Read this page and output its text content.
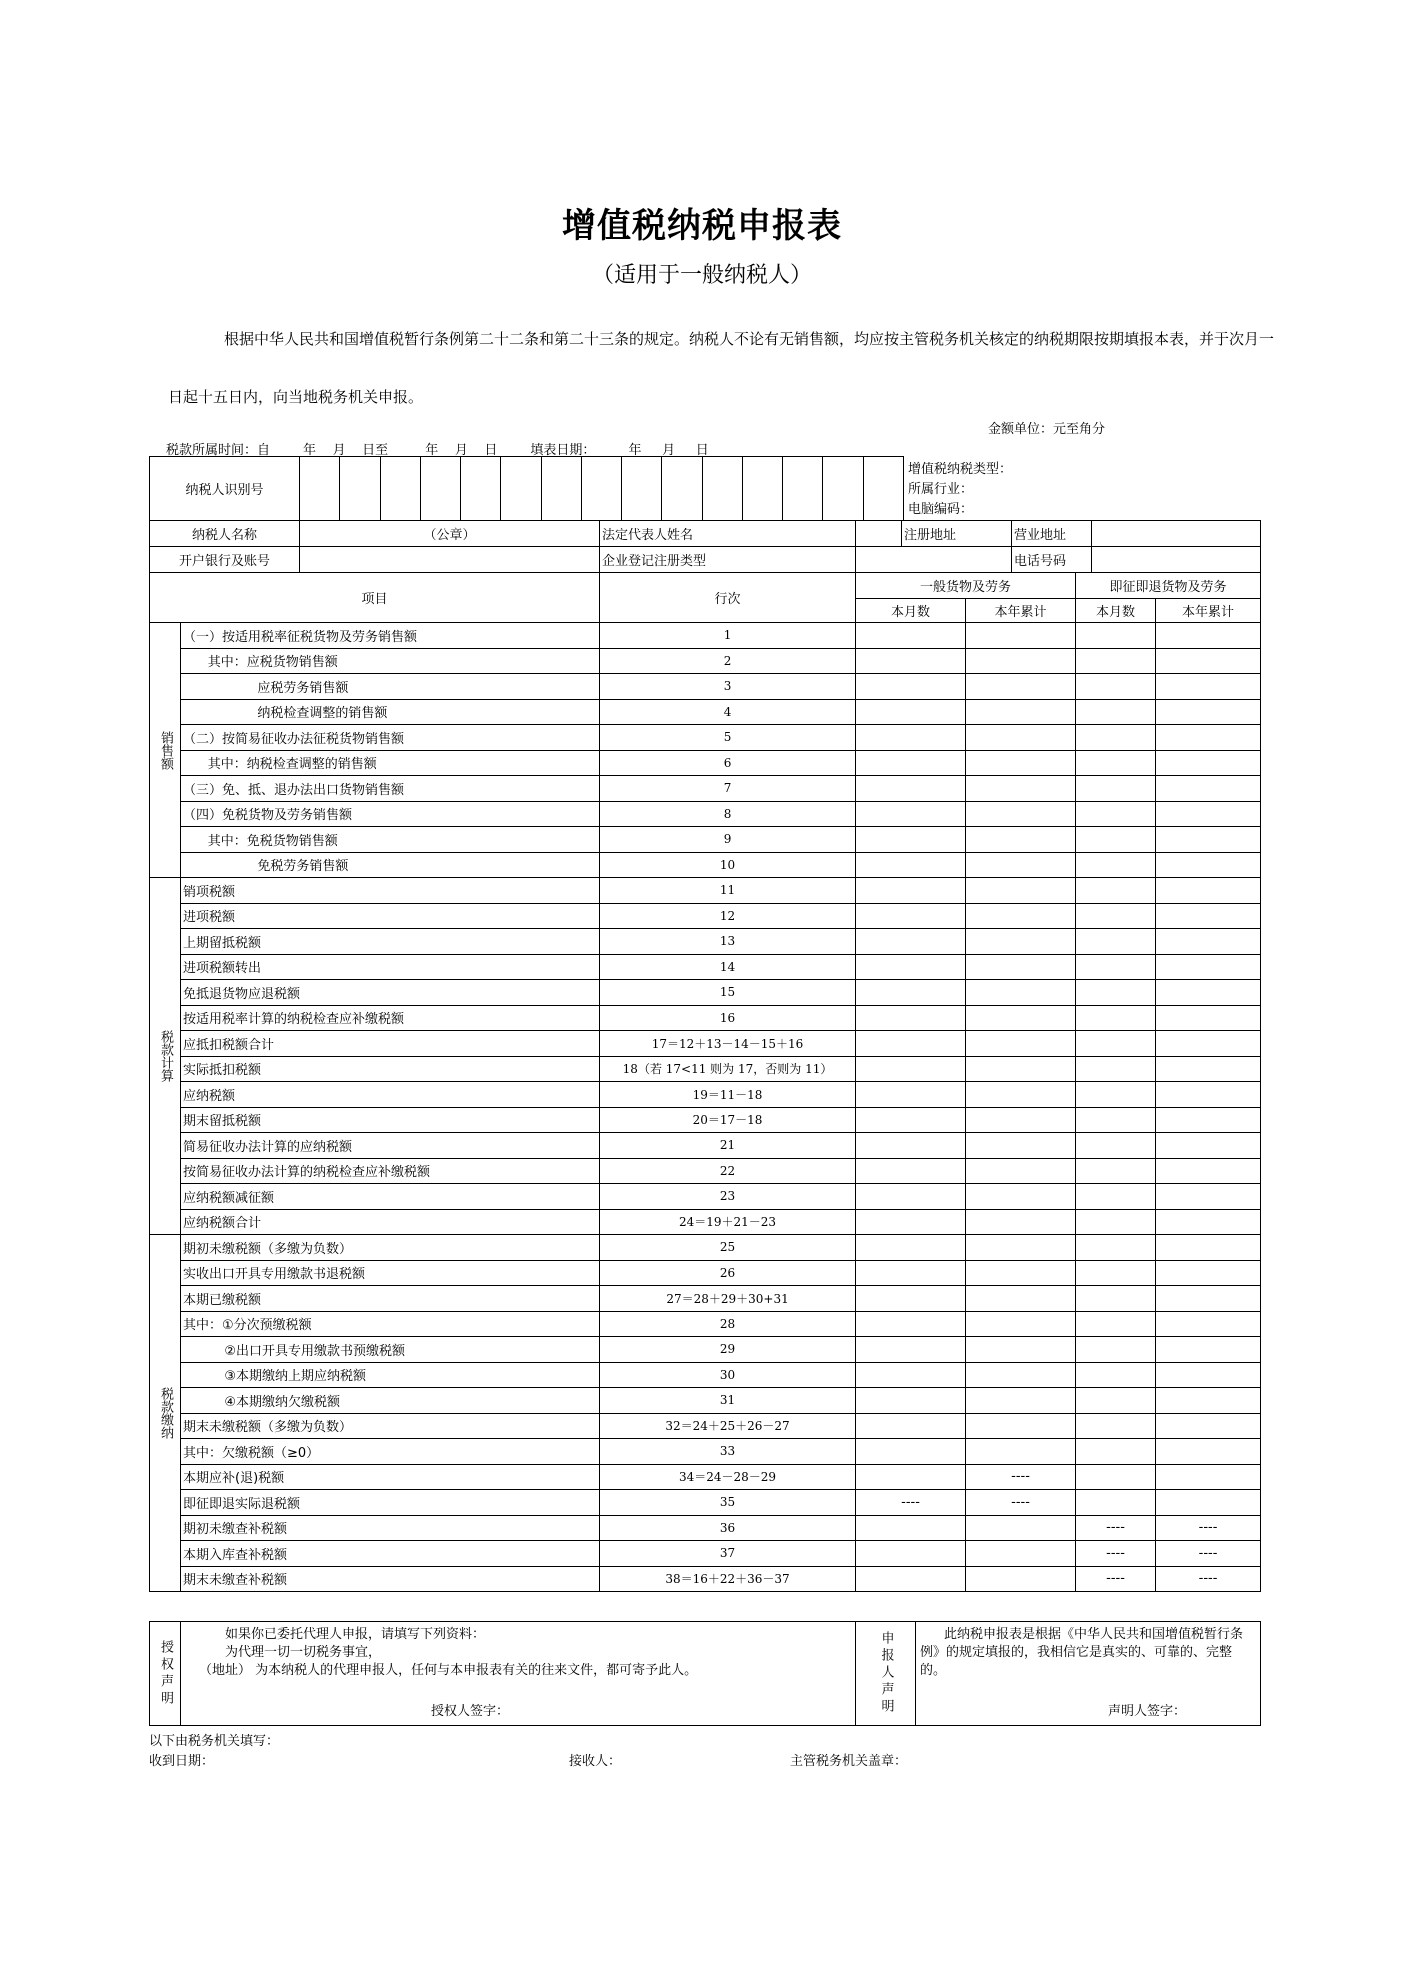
增值税纳税申报表
（适用于一般纳税人）
根据中华人民共和国增值税暂行条例第二十二条和第二十三条的规定。纳税人不论有无销售额，均应按主管税务机关核定的纳税期限按期填报本表，并于次月一日起十五日内，向当地税务机关申报。
金额单位：元至角分
税款所属时间：自        年    月    日至         年    月    日        填表日期：        年     月     日
纳税人识别号															
增值税纳税类型：
所属行业：
电脑编码：
纳税人名称	（公章）	法定代表人姓名		注册地址	营业地址	
开户银行及账号		企业登记注册类型			电话号码	
项目		行次	一般货物及劳务		即征即退货物及劳务	
			本月数	本年累计	本月数	本年累计

销售额	（一）按适用税率征税货物及劳务销售额	1				
	其中：应税货物销售额	2				
	应税劳务销售额	3				
	纳税检查调整的销售额	4				
	（二）按简易征收办法征税货物销售额	5				
	其中：纳税检查调整的销售额	6				
	（三）免、抵、退办法出口货物销售额	7				
	（四）免税货物及劳务销售额	8				
	其中：免税货物销售额	9				
	免税劳务销售额	10				

税款计算	销项税额	11				
	进项税额	12				
	上期留抵税额	13				
	进项税额转出	14				
	免抵退货物应退税额	15				
	按适用税率计算的纳税检查应补缴税额	16				
	应抵扣税额合计	17＝12＋13－14－15＋16				
	实际抵扣税额	18（若 17<11 则为 17，否则为 11）				
	应纳税额	19＝11－18				
	期末留抵税额	20＝17－18				
	简易征收办法计算的应纳税额	21				
	按简易征收办法计算的纳税检查应补缴税额	22				
	应纳税额减征额	23				
	应纳税额合计	24＝19＋21－23				

税款缴纳	期初未缴税额（多缴为负数）	25				
	实收出口开具专用缴款书退税额	26				
	本期已缴税额	27＝28＋29＋30+31				
	其中：①分次预缴税额	28				
	②出口开具专用缴款书预缴税额	29				
	③本期缴纳上期应纳税额	30				
	④本期缴纳欠缴税额	31				
	期末未缴税额（多缴为负数）	32＝24＋25＋26－27				
	其中：欠缴税额（≥0）	33				
	本期应补(退)税额	34＝24－28－29		----		
	即征即退实际退税额	35	----	----		
	期初未缴查补税额	36			----	----
	本期入库查补税额	37			----	----
	期末未缴查补税额	38＝16＋22＋36－37			----	----
授权声明

如果你已委托代理人申报，请填写下列资料：
为代理一切一切税务事宜，
（地址） 为本纳税人的代理申报人，任何与本申报表有关的往来文件，都可寄予此人。
授权人签字：	申报人声明	此纳税申报表是根据《中华人民共和国增值税暂行条例》的规定填报的，我相信它是真实的、可靠的、完整的。
声明人签字：
以下由税务机关填写：
收到日期：	接收人：	主管税务机关盖章：
